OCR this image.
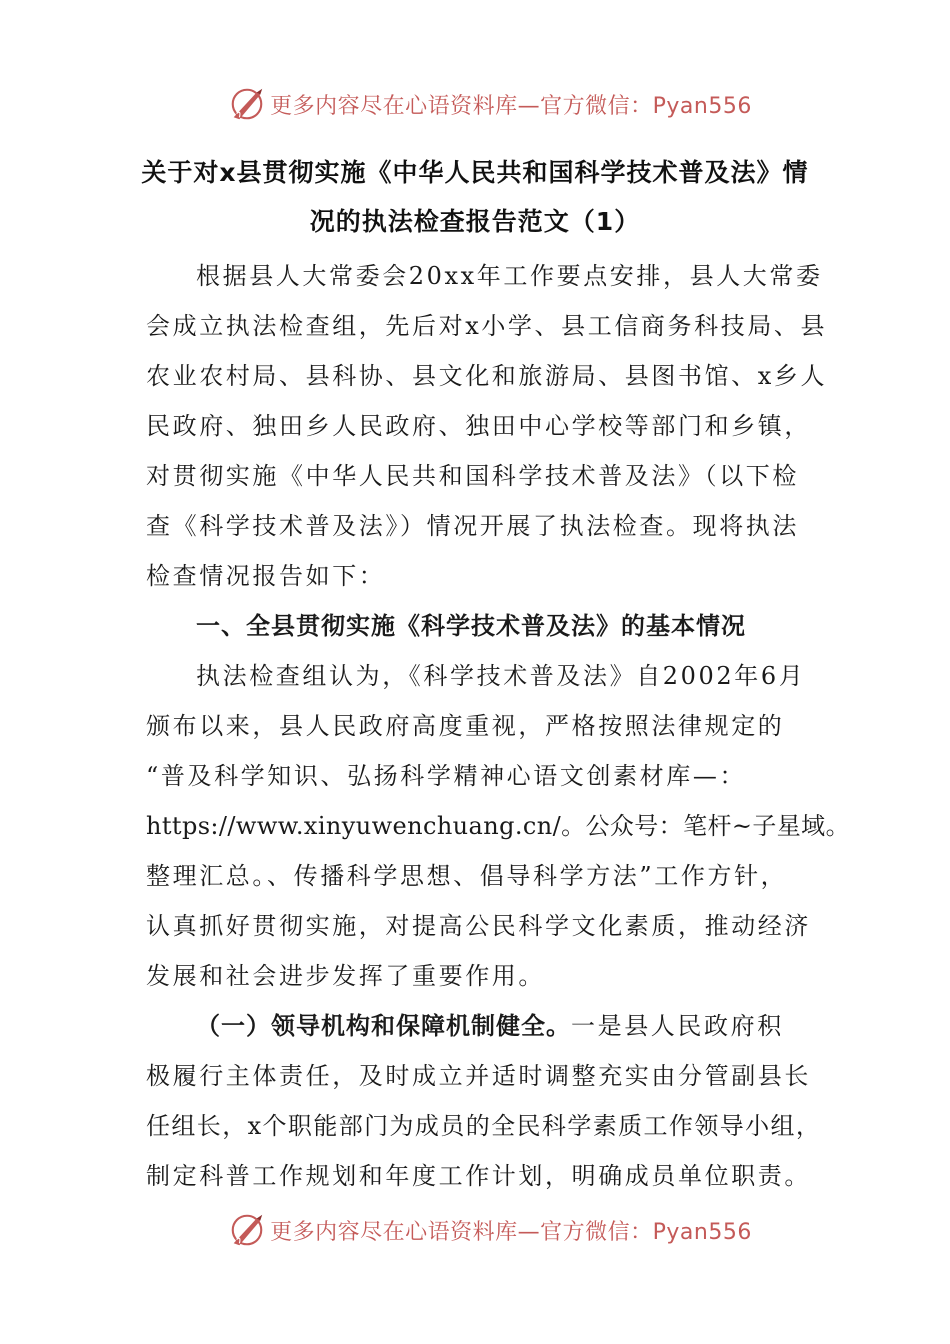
更多内容尽在心语资料库—官方微信：Pyan556
关于对x县贯彻实施《中华人民共和国科学技术普及法》情
况的执法检查报告范文（1）
根据县人大常委会20xx年工作要点安排，县人大常委
会成立执法检查组，先后对x小学、县工信商务科技局、县
农业农村局、县科协、县文化和旅游局、县图书馆、x乡人
民政府、独田乡人民政府、独田中心学校等部门和乡镇，
对贯彻实施《中华人民共和国科学技术普及法》（以下检
查《科学技术普及法》）情况开展了执法检查。现将执法
检查情况报告如下：
一、全县贯彻实施《科学技术普及法》的基本情况
执法检查组认为，《科学技术普及法》自2002年6月
颁布以来，县人民政府高度重视，严格按照法律规定的
“普及科学知识、弘扬科学精神心语文创素材库—：
https://www.xinyuwenchuang.cn/。公众号：笔杆~子星域。
整理汇总。、传播科学思想、倡导科学方法”工作方针，
认真抓好贯彻实施，对提高公民科学文化素质，推动经济
发展和社会进步发挥了重要作用。
（一）领导机构和保障机制健全。一是县人民政府积
极履行主体责任，及时成立并适时调整充实由分管副县长
任组长，x个职能部门为成员的全民科学素质工作领导小组，
制定科普工作规划和年度工作计划，明确成员单位职责。
更多内容尽在心语资料库—官方微信：Pyan556
